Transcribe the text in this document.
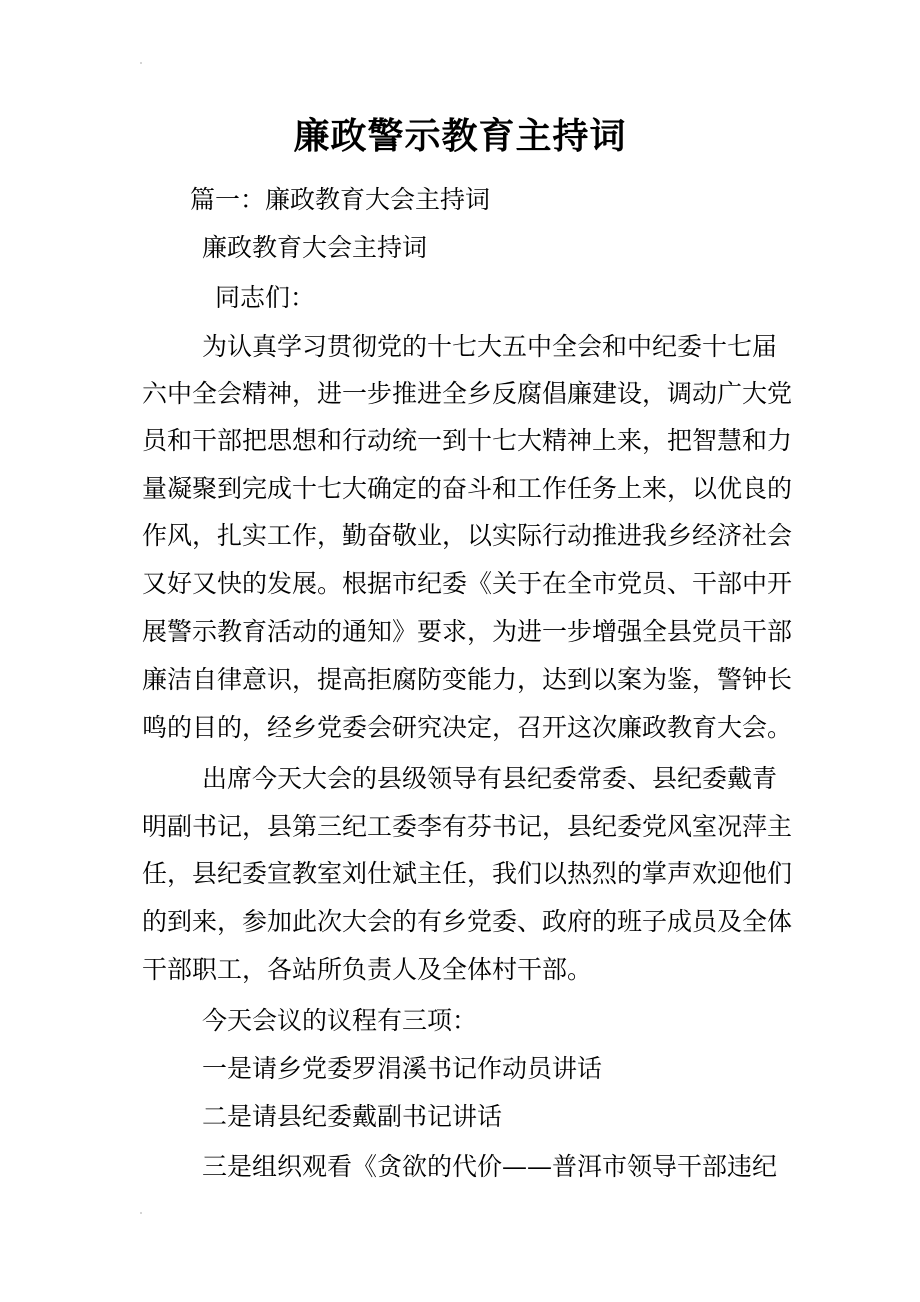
廉政警示教育主持词
篇一：廉政教育大会主持词
廉政教育大会主持词
同志们：
为认真学习贯彻党的十七大五中全会和中纪委十七届
六中全会精神，进一步推进全乡反腐倡廉建设，调动广大党
员和干部把思想和行动统一到十七大精神上来，把智慧和力
量凝聚到完成十七大确定的奋斗和工作任务上来，以优良的
作风，扎实工作，勤奋敬业，以实际行动推进我乡经济社会
又好又快的发展。根据市纪委《关于在全市党员、干部中开
展警示教育活动的通知》要求，为进一步增强全县党员干部
廉洁自律意识，提高拒腐防变能力，达到以案为鉴，警钟长
鸣的目的，经乡党委会研究决定，召开这次廉政教育大会。
出席今天大会的县级领导有县纪委常委、县纪委戴青
明副书记，县第三纪工委李有芬书记，县纪委党风室况萍主
任，县纪委宣教室刘仕斌主任，我们以热烈的掌声欢迎他们
的到来，参加此次大会的有乡党委、政府的班子成员及全体
干部职工，各站所负责人及全体村干部。
今天会议的议程有三项：
一是请乡党委罗涓溪书记作动员讲话
二是请县纪委戴副书记讲话
三是组织观看《贪欲的代价——普洱市领导干部违纪
